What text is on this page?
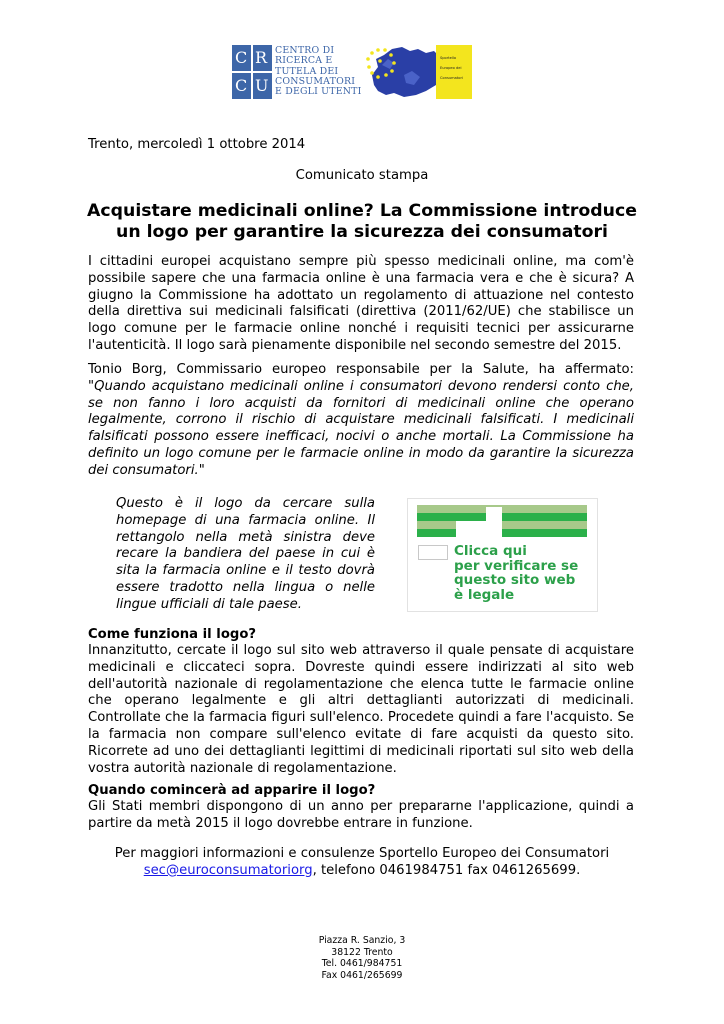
C R
C U
CENTRO DI
RICERCA E
TUTELA DEI
CONSUMATORI
E DEGLI UTENTI
Sportello
Europeo dei
Consumatori
Trento, mercoledì 1 ottobre 2014
Comunicato stampa
Acquistare medicinali online? La Commissione introduce
un logo per garantire la sicurezza dei consumatori
I cittadini europei acquistano sempre più spesso medicinali online, ma com'è possibile sapere che una farmacia online è una farmacia vera e che è sicura? A giugno la Commissione ha adottato un regolamento di attuazione nel contesto della direttiva sui medicinali falsificati (direttiva (2011/62/UE) che stabilisce un logo comune per le farmacie online nonché i requisiti tecnici per assicurarne l'autenticità. Il logo sarà pienamente disponibile nel secondo semestre del 2015.
Tonio Borg, Commissario europeo responsabile per la Salute, ha affermato: "Quando acquistano medicinali online i consumatori devono rendersi conto che, se non fanno i loro acquisti da fornitori di medicinali online che operano legalmente, corrono il rischio di acquistare medicinali falsificati. I medicinali falsificati possono essere inefficaci, nocivi o anche mortali. La Commissione ha definito un logo comune per le farmacie online in modo da garantire la sicurezza dei consumatori."
Questo è il logo da cercare sulla homepage di una farmacia online. Il rettangolo nella metà sinistra deve recare la bandiera del paese in cui è sita la farmacia online e il testo dovrà essere tradotto nella lingua o nelle lingue ufficiali di tale paese.
Clicca qui
per verificare se
questo sito web
è legale
Come funziona il logo?
Innanzitutto, cercate il logo sul sito web attraverso il quale pensate di acquistare medicinali e cliccateci sopra. Dovreste quindi essere indirizzati al sito web dell'autorità nazionale di regolamentazione che elenca tutte le farmacie online che operano legalmente e gli altri dettaglianti autorizzati di medicinali. Controllate che la farmacia figuri sull'elenco. Procedete quindi a fare l'acquisto. Se la farmacia non compare sull'elenco evitate di fare acquisti da questo sito. Ricorrete ad uno dei dettaglianti legittimi di medicinali riportati sul sito web della vostra autorità nazionale di regolamentazione.
Quando comincerà ad apparire il logo?
Gli Stati membri dispongono di un anno per prepararne l'applicazione, quindi a partire da metà 2015 il logo dovrebbe entrare in funzione.
Per maggiori informazioni e consulenze Sportello Europeo dei Consumatori
sec@euroconsumatoriorg, telefono 0461984751 fax 0461265699.
Piazza R. Sanzio, 3
38122 Trento
Tel. 0461/984751
Fax 0461/265699
